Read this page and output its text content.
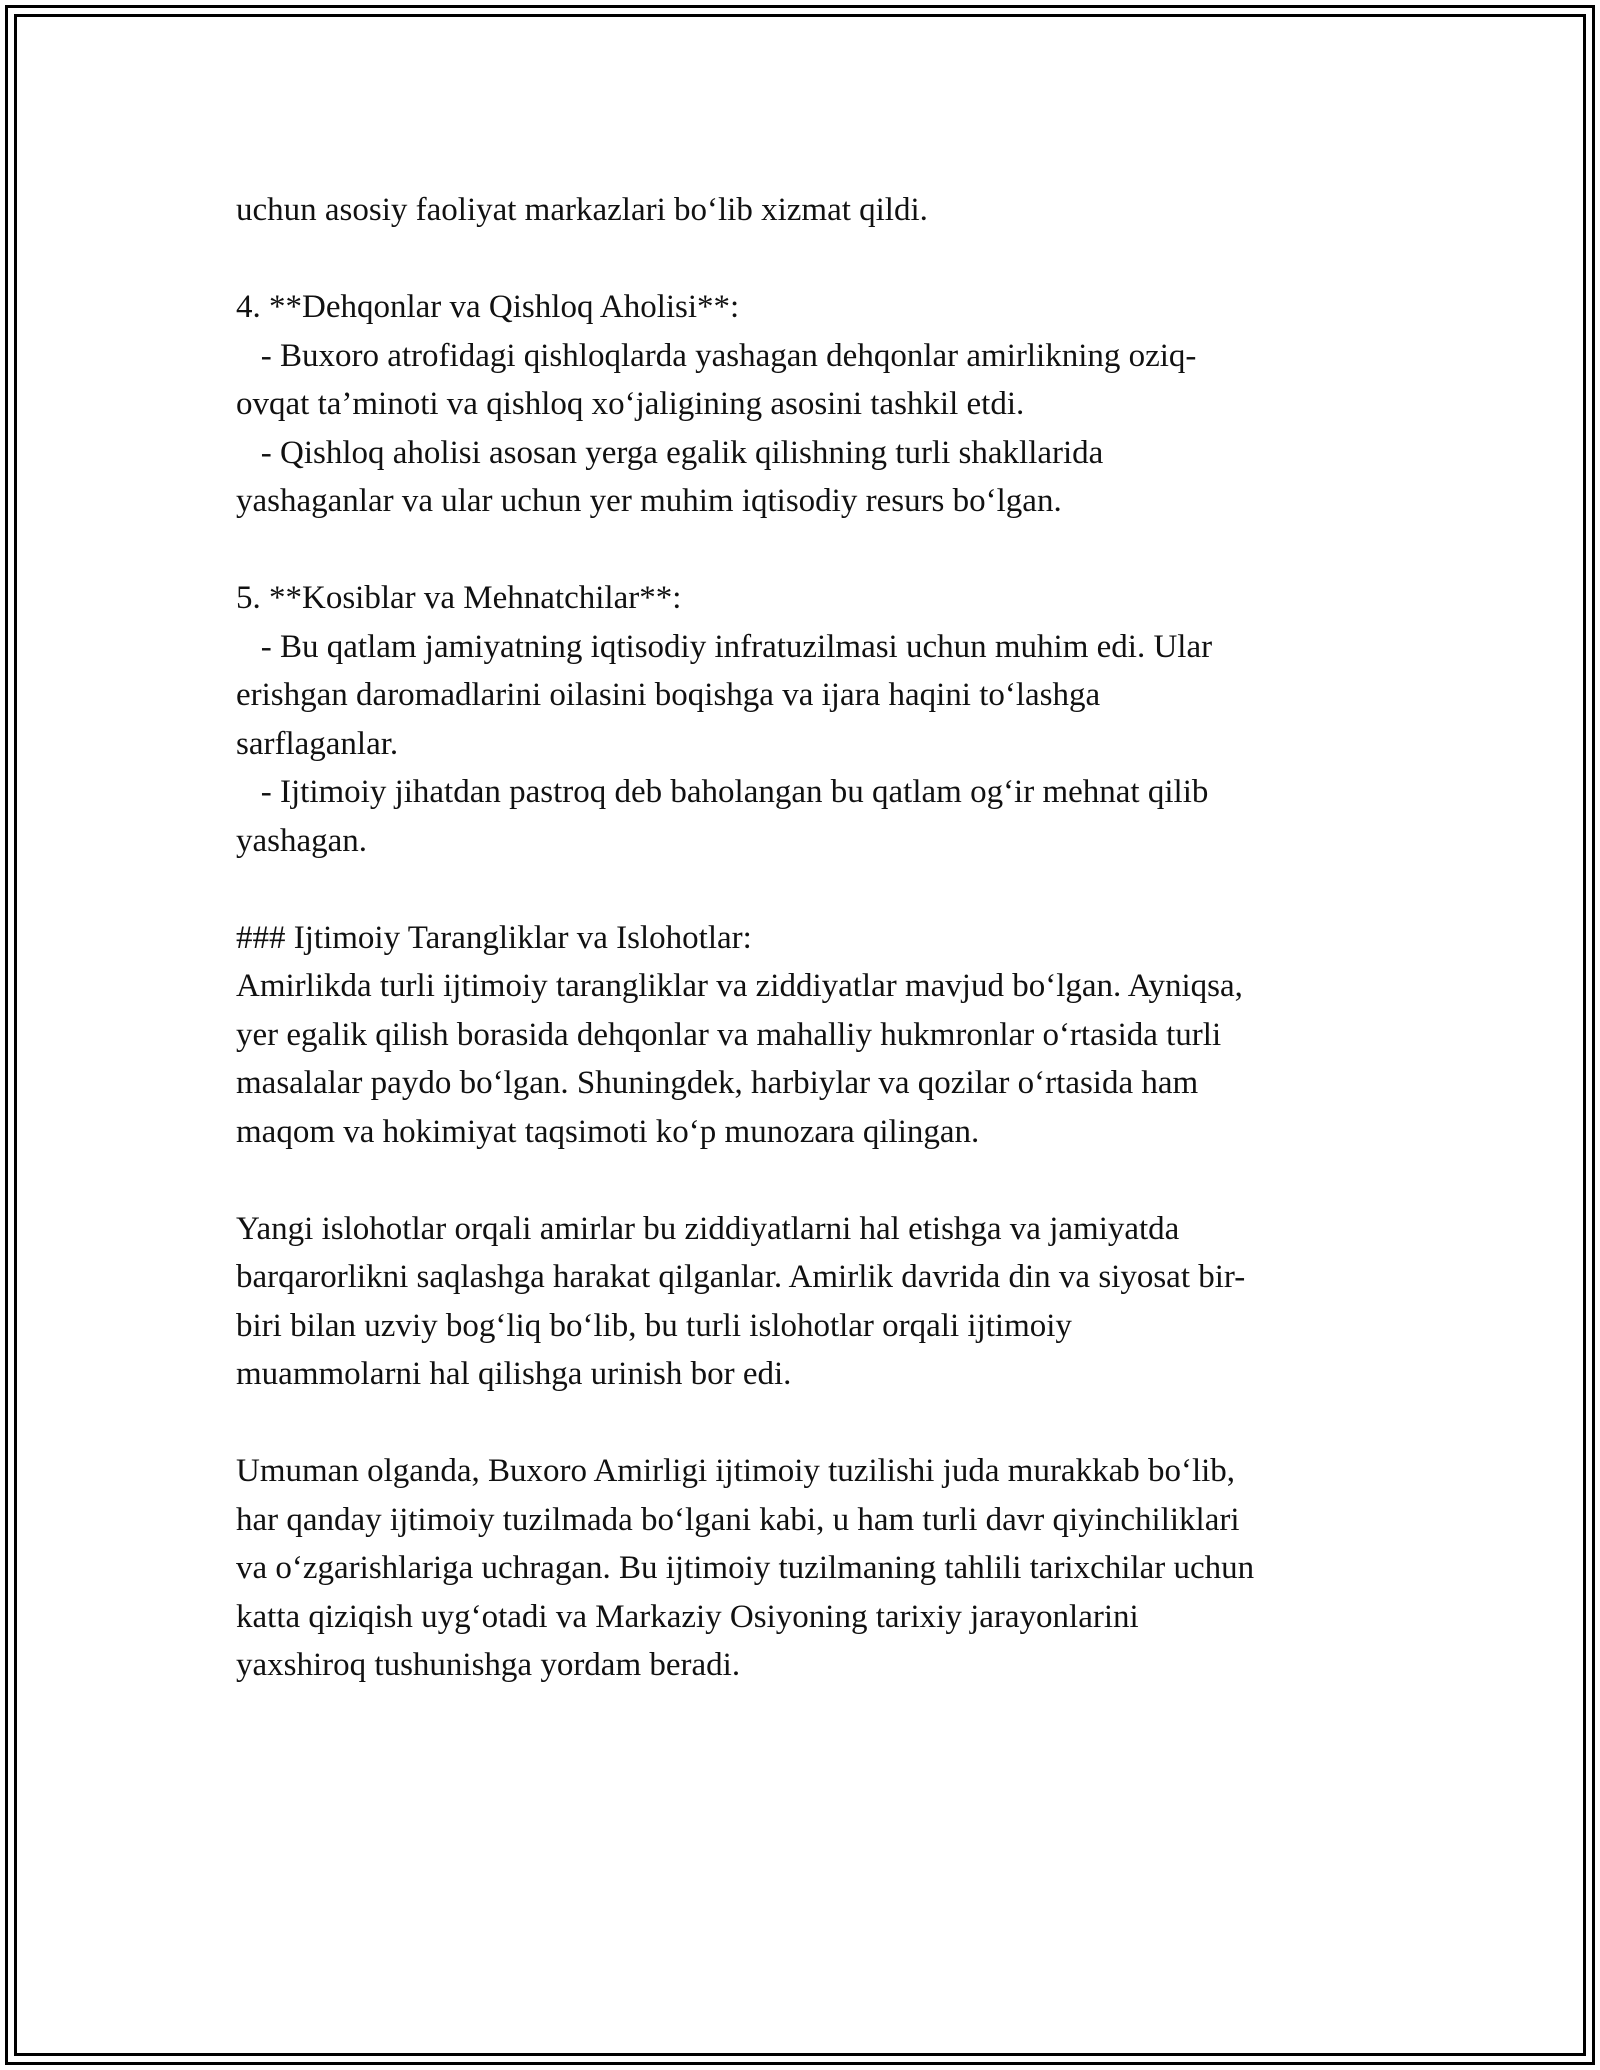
uchun asosiy faoliyat markazlari bo‘lib xizmat qildi.

4. **Dehqonlar va Qishloq Aholisi**:

- Buxoro atrofidagi qishloqlarda yashagan dehqonlar amirlikning oziq-

ovqat ta’minoti va qishloq xo‘jaligining asosini tashkil etdi.

- Qishloq aholisi asosan yerga egalik qilishning turli shakllarida

yashaganlar va ular uchun yer muhim iqtisodiy resurs bo‘lgan.

5. **Kosiblar va Mehnatchilar**:

- Bu qatlam jamiyatning iqtisodiy infratuzilmasi uchun muhim edi. Ular

erishgan daromadlarini oilasini boqishga va ijara haqini to‘lashga

sarflaganlar.

- Ijtimoiy jihatdan pastroq deb baholangan bu qatlam og‘ir mehnat qilib

yashagan.

### Ijtimoiy Tarangliklar va Islohotlar:

Amirlikda turli ijtimoiy tarangliklar va ziddiyatlar mavjud bo‘lgan. Ayniqsa,

yer egalik qilish borasida dehqonlar va mahalliy hukmronlar o‘rtasida turli

masalalar paydo bo‘lgan. Shuningdek, harbiylar va qozilar o‘rtasida ham

maqom va hokimiyat taqsimoti ko‘p munozara qilingan.

Yangi islohotlar orqali amirlar bu ziddiyatlarni hal etishga va jamiyatda

barqarorlikni saqlashga harakat qilganlar. Amirlik davrida din va siyosat bir-

biri bilan uzviy bog‘liq bo‘lib, bu turli islohotlar orqali ijtimoiy

muammolarni hal qilishga urinish bor edi.

Umuman olganda, Buxoro Amirligi ijtimoiy tuzilishi juda murakkab bo‘lib,

har qanday ijtimoiy tuzilmada bo‘lgani kabi, u ham turli davr qiyinchiliklari

va o‘zgarishlariga uchragan. Bu ijtimoiy tuzilmaning tahlili tarixchilar uchun

katta qiziqish uyg‘otadi va Markaziy Osiyoning tarixiy jarayonlarini

yaxshiroq tushunishga yordam beradi.
